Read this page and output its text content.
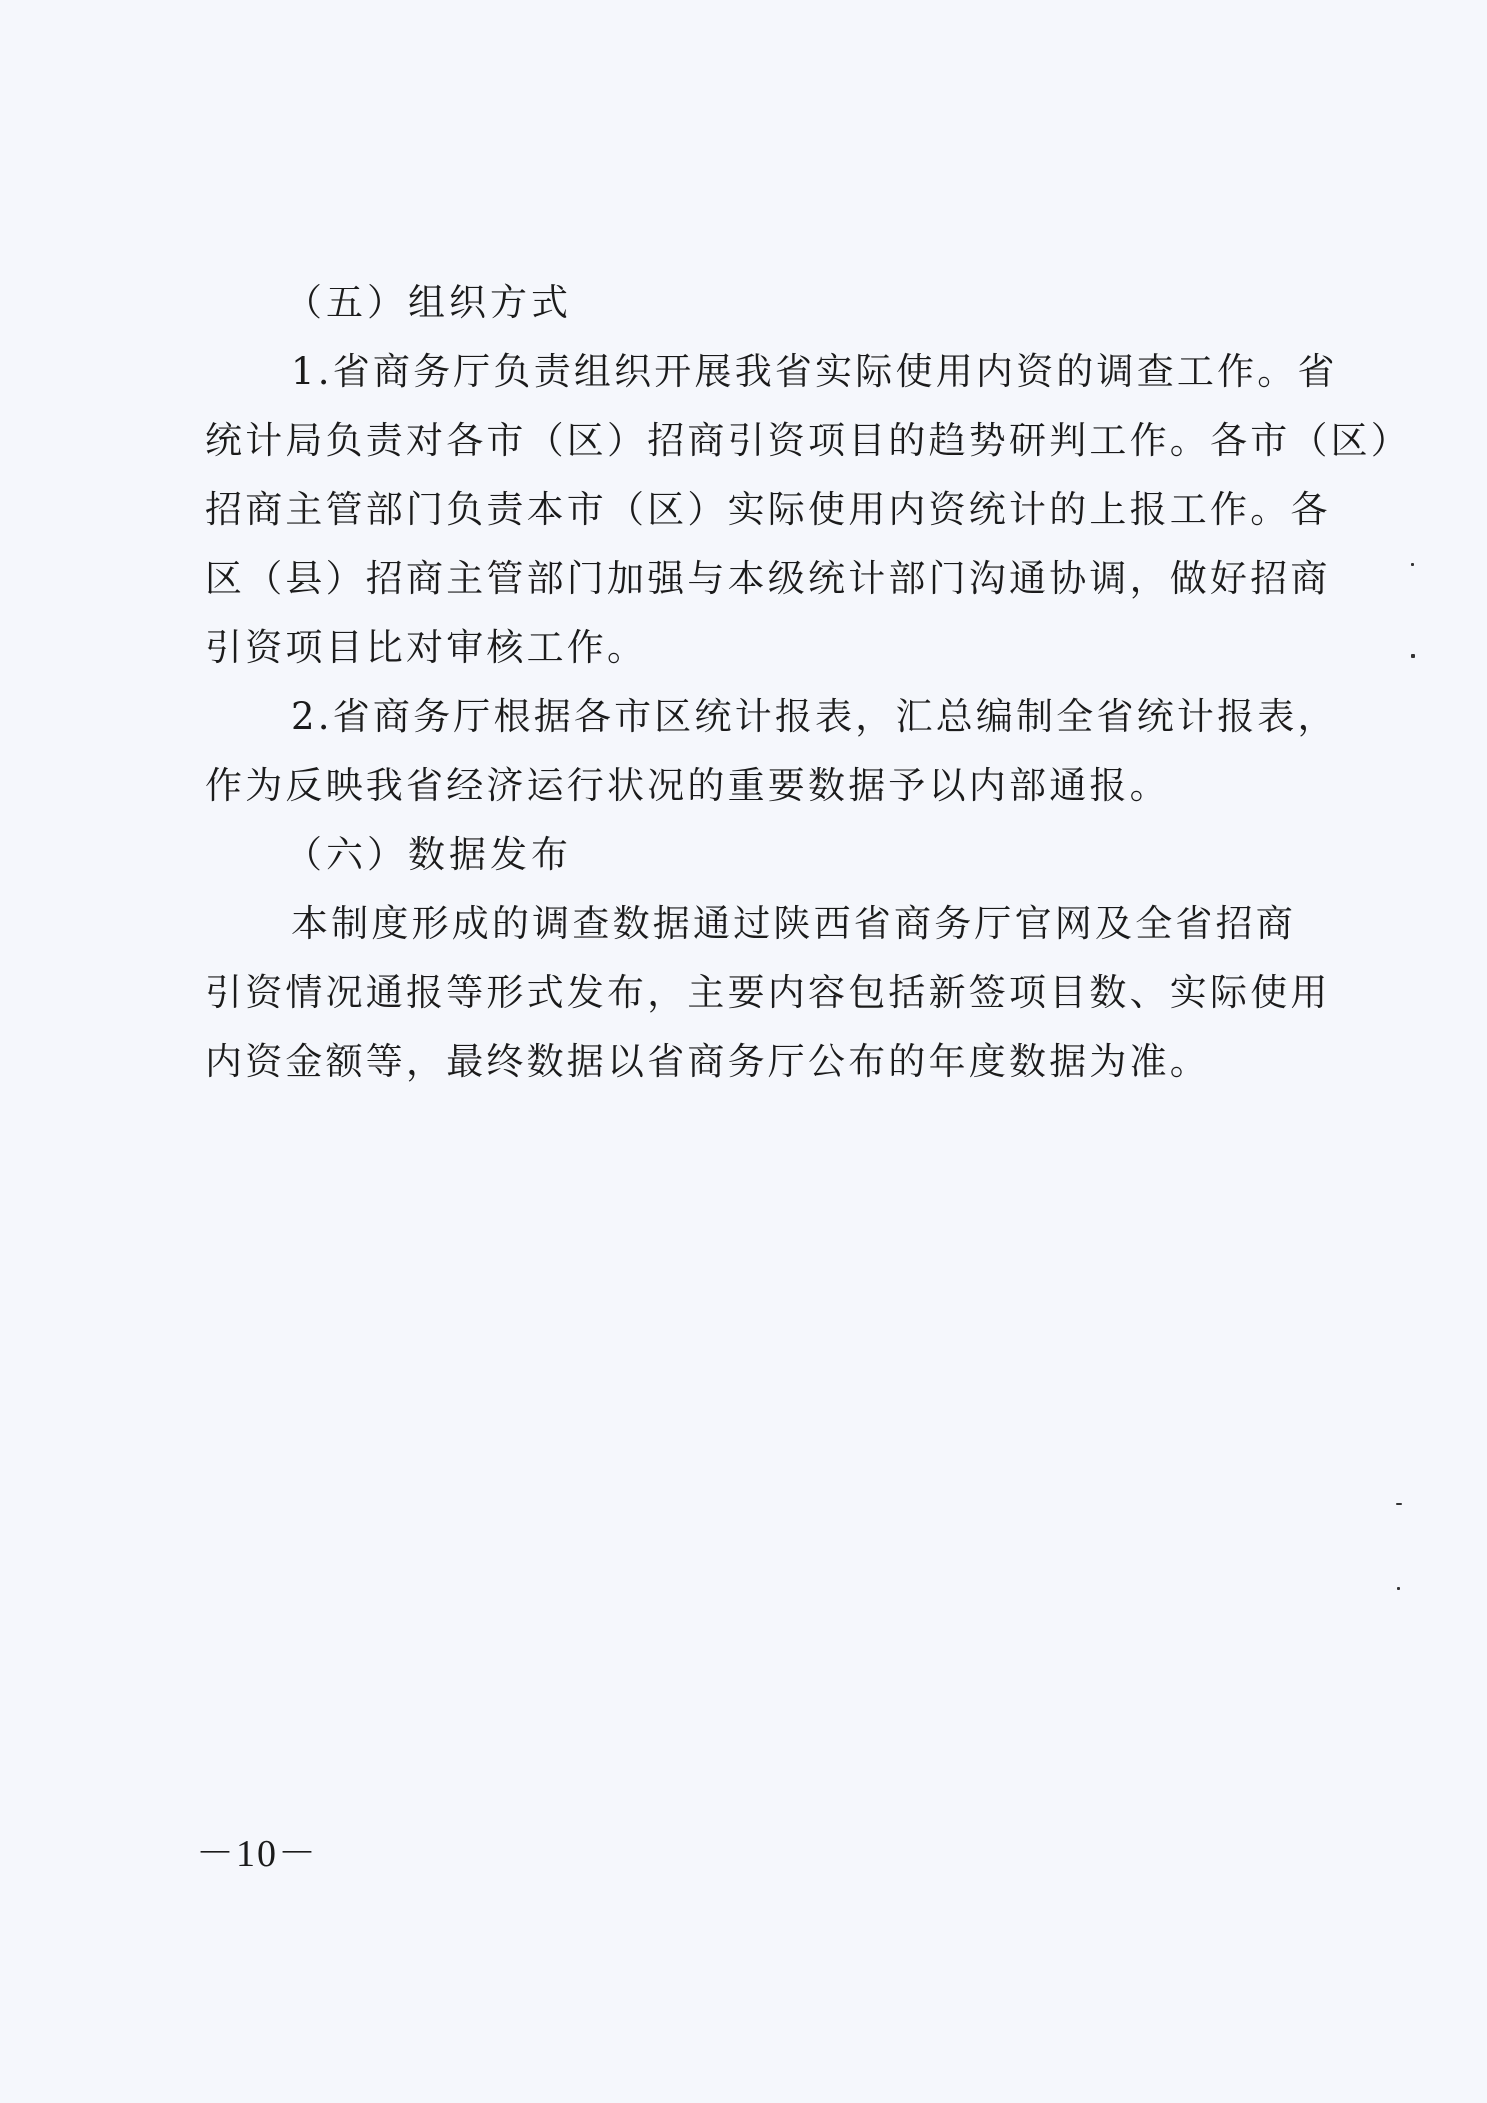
（五）组织方式
1.省商务厅负责组织开展我省实际使用内资的调查工作。省
统计局负责对各市（区）招商引资项目的趋势研判工作。各市（区）
招商主管部门负责本市（区）实际使用内资统计的上报工作。各
区（县）招商主管部门加强与本级统计部门沟通协调，做好招商
引资项目比对审核工作。
2.省商务厅根据各市区统计报表，汇总编制全省统计报表，
作为反映我省经济运行状况的重要数据予以内部通报。
（六）数据发布
本制度形成的调查数据通过陕西省商务厅官网及全省招商
引资情况通报等形式发布，主要内容包括新签项目数、实际使用
内资金额等，最终数据以省商务厅公布的年度数据为准。
－10－
